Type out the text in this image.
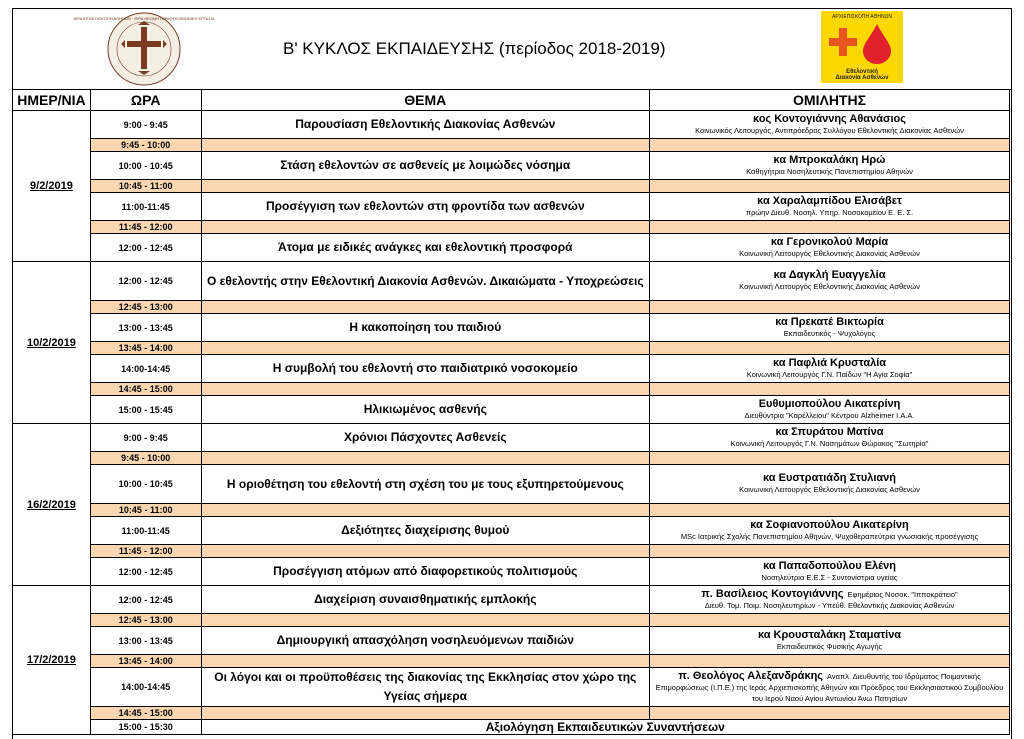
ΙΕΡΑ ΑΡΧΙΕΠΙΣΚΟΠΗ ΑΘΗΝΩΝ · ΙΕΡΑ ΘΕΟΜΗΤΟΡΙΚΗ ΚΟΙΝΩΝΙΚΗ ΕΡΓΑΣΙΑ
Β' ΚΥΚΛΟΣ ΕΚΠΑΙΔΕΥΣΗΣ (περίοδος 2018-2019)
ΑΡΧΙΕΠΙΣΚΟΠΗ ΑΘΗΝΩΝ
Εθελοντική
Διακονία Ασθενών
ΗΜΕΡ/ΝΙΑ	ΩΡΑ	ΘΕΜΑ	ΟΜΙΛΗΤΗΣ
9/2/2019	9:00 - 9:45	Παρουσίαση Εθελοντικής Διακονίας Ασθενών	κος Κοντογιάννης Αθανάσιος
Κοινωνικός Λειτουργός, Αντιπρόεδρος Συλλόγου Εθελοντικής Διακονίας Ασθενών

	9:45 - 10:00		
	10:00 - 10:45	Στάση εθελοντών σε ασθενείς με λοιμώδες νόσημα	κα Μπροκαλάκη Ηρώ
Καθηγήτρια Νοσηλευτικής Πανεπιστημίου Αθηνών

	10:45 - 11:00		
	11:00-11:45	Προσέγγιση των εθελοντών στη φροντίδα των ασθενών	κα Χαραλαμπίδου Ελισάβετ
πρώην Διευθ. Νοσηλ. Υπηρ. Νοσοκομείου Ε. Ε. Σ.

	11:45 - 12:00		
	12:00 - 12:45	Άτομα με ειδικές ανάγκες και εθελοντική προσφορά	κα Γερονικολού Μαρία
Κοινωνική Λειτουργός Εθελοντικής Διακονίας Ασθενών

10/2/2019	12:00 - 12:45	Ο εθελοντής στην Εθελοντική Διακονία Ασθενών. Δικαιώματα - Υποχρεώσεις	κα Δαγκλή Ευαγγελία
Κοινωνική Λειτουργός Εθελοντικής Διακονίας Ασθενών

	12:45 - 13:00		
	13:00 - 13:45	Η κακοποίηση του παιδιού	κα Πρεκατέ Βικτωρία
Εκπαιδευτικός - Ψυχολόγος

	13:45 - 14:00		
	14:00-14:45	Η συμβολή του εθελοντή στο παιδιατρικό νοσοκομείο	κα Παφλιά Κρυσταλία
Κοινωνική Λειτουργός Γ.Ν. Παίδων "Η Αγία Σοφία"

	14:45 - 15:00		
	15:00 - 15:45	Ηλικιωμένος ασθενής	Ευθυμιοπούλου Αικατερίνη
Διευθύντρια "Καρέλλειου" Κέντρου Alzheimer Ι.Α.Α.

16/2/2019	9:00 - 9:45	Χρόνιοι Πάσχοντες Ασθενείς	κα Σπυράτου Ματίνα
Κοινωνική Λειτουργός Γ.Ν. Νοσημάτων Θώρακος "Σωτηρία"

	9:45 - 10:00		
	10:00 - 10:45	Η οριοθέτηση του εθελοντή στη σχέση του με τους εξυπηρετούμενους	κα Ευστρατιάδη Στυλιανή
Κοινωνική Λειτουργός Εθελοντικής Διακονίας Ασθενών

	10:45 - 11:00		
	11:00-11:45	Δεξιότητες διαχείρισης θυμού	κα Σοφιανοπούλου Αικατερίνη
MSc Ιατρικής Σχολής Πανεπιστημίου Αθηνών, Ψυχοθεραπεύτρια γνωσιακής προσέγγισης

	11:45 - 12:00		
	12:00 - 12:45	Προσέγγιση ατόμων από διαφορετικούς πολιτισμούς	κα Παπαδοπούλου Ελένη
Νοσηλεύτρια Ε.Ε.Σ - Συντονίστρια υγείας

17/2/2019	12:00 - 12:45	Διαχείριση συναισθηματικής εμπλοκής	π. Βασίλειος Κοντογιάννης Εφημέριος Νοσοκ. "Ιπποκράτειο"
Διευθ. Τομ. Ποιμ. Νοσηλευτηρίων - Υπεύθ. Εθελοντικής Διακονίας Ασθενών

	12:45 - 13:00		
	13:00 - 13:45	Δημιουργική απασχόληση νοσηλευόμενων παιδιών	κα Κρουσταλάκη Σταματίνα
Εκπαιδευτικός Φυσικής Αγωγής

	13:45 - 14:00		
	14:00-14:45	Οι λόγοι και οι προϋποθέσεις της διακονίας της Εκκλησίας στον χώρο της Υγείας σήμερα	π. Θεολόγος Αλεξανδράκης Αναπλ. Διευθυντής του Ιδρύματος Ποιμαντικής
Επιμορφώσεως (Ι.Π.Ε.) της Ιεράς Αρχιεπισκοπής Αθηνών και Πρόεδρος του Εκκλησιαστικού Συμβουλίου του Ιερού Ναού Αγίου Αντωνίου Άνω Πατησίων

	14:45 - 15:00		
	15:00 - 15:30	Αξιολόγηση Εκπαιδευτικών Συναντήσεων	
